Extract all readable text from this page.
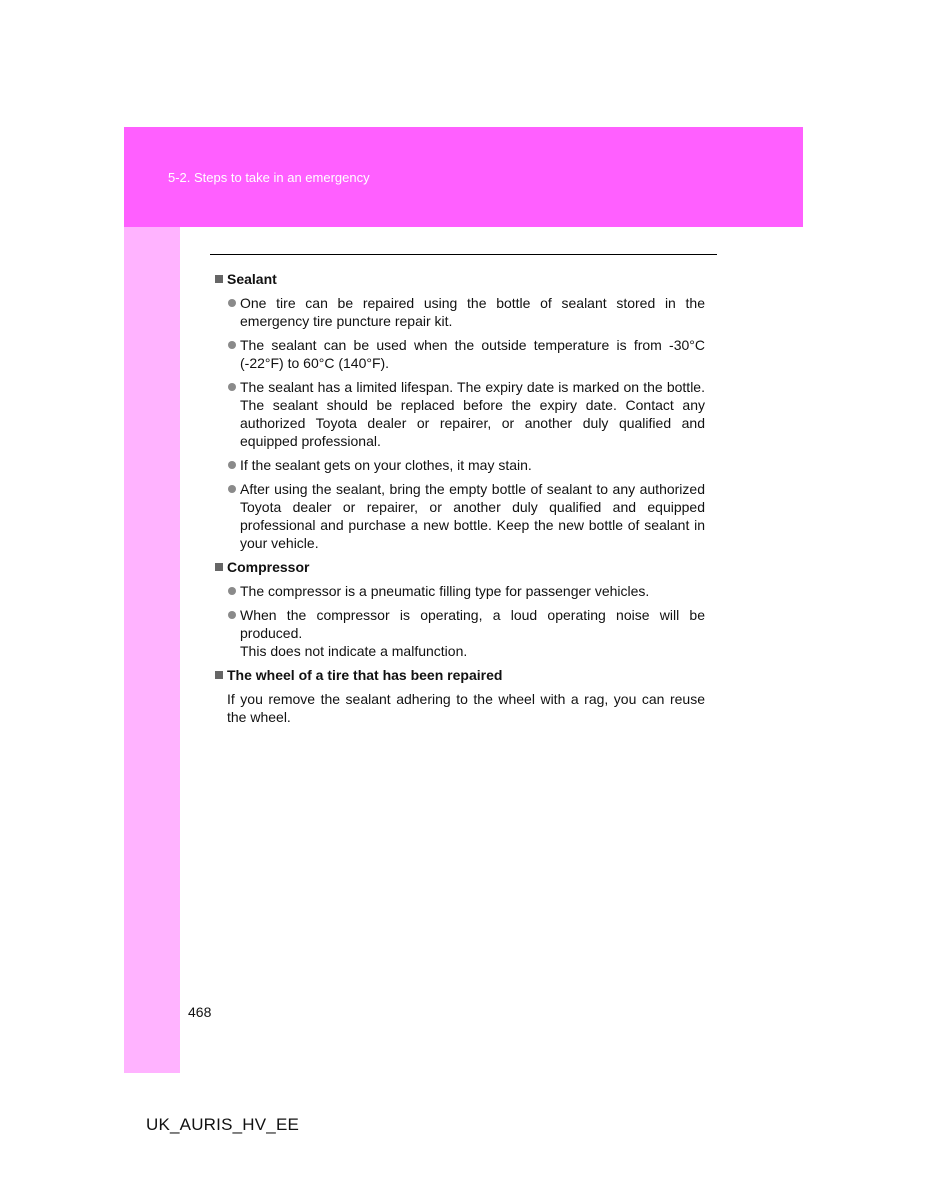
5-2. Steps to take in an emergency
Sealant
One tire can be repaired using the bottle of sealant stored in the emergency tire puncture repair kit.
The sealant can be used when the outside temperature is from -30°C (-22°F) to 60°C (140°F).
The sealant has a limited lifespan. The expiry date is marked on the bottle. The sealant should be replaced before the expiry date. Contact any authorized Toyota dealer or repairer, or another duly qualified and equipped professional.
If the sealant gets on your clothes, it may stain.
After using the sealant, bring the empty bottle of sealant to any authorized Toyota dealer or repairer, or another duly qualified and equipped professional and purchase a new bottle. Keep the new bottle of sealant in your vehicle.
Compressor
The compressor is a pneumatic filling type for passenger vehicles.
When the compressor is operating, a loud operating noise will be produced.
This does not indicate a malfunction.
The wheel of a tire that has been repaired

If you remove the sealant adhering to the wheel with a rag, you can reuse the wheel.

468
UK_AURIS_HV_EE
